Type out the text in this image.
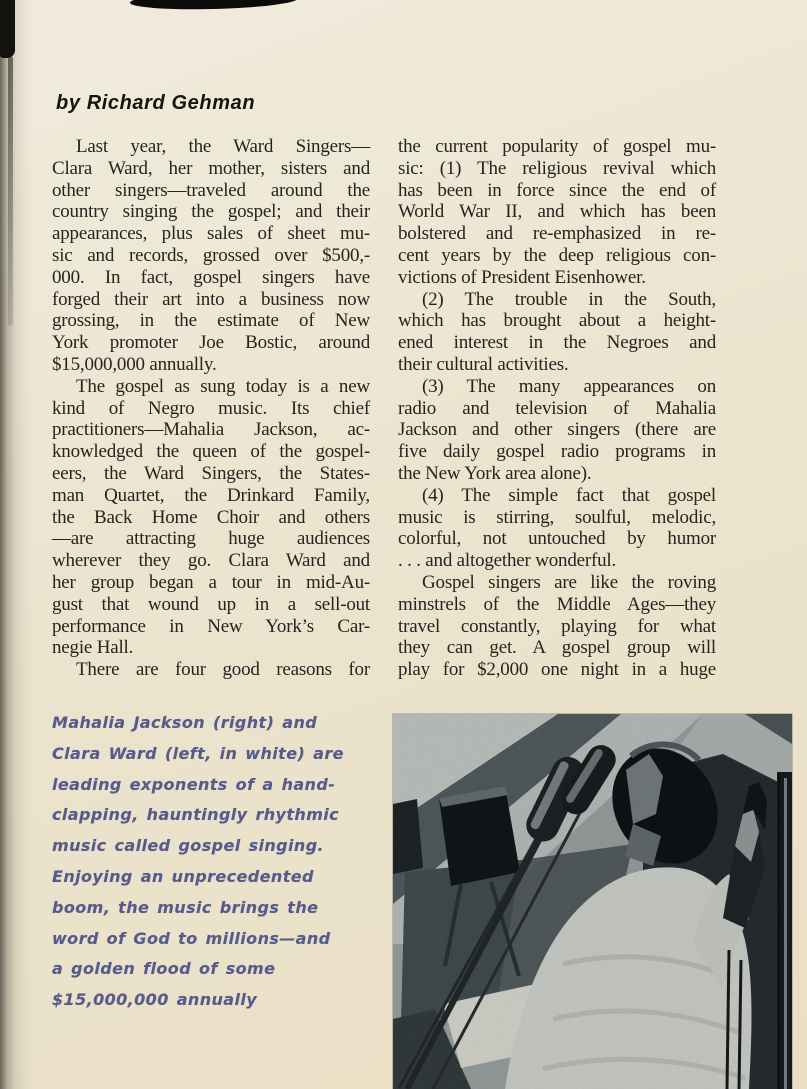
by Richard Gehman
Last year, the Ward Singers—
Clara Ward, her mother, sisters and
other singers—traveled around the
country singing the gospel; and their
appearances, plus sales of sheet mu-
sic and records, grossed over $500,-
000. In fact, gospel singers have
forged their art into a business now
grossing, in the estimate of New
York promoter Joe Bostic, around
$15,000,000 annually.
The gospel as sung today is a new
kind of Negro music. Its chief
practitioners—Mahalia Jackson, ac-
knowledged the queen of the gospel-
eers, the Ward Singers, the States-
man Quartet, the Drinkard Family,
the Back Home Choir and others
—are attracting huge audiences
wherever they go. Clara Ward and
her group began a tour in mid-Au-
gust that wound up in a sell-out
performance in New York’s Car-
negie Hall.
There are four good reasons for
the current popularity of gospel mu-
sic: (1) The religious revival which
has been in force since the end of
World War II, and which has been
bolstered and re-emphasized in re-
cent years by the deep religious con-
victions of President Eisenhower.
(2) The trouble in the South,
which has brought about a height-
ened interest in the Negroes and
their cultural activities.
(3) The many appearances on
radio and television of Mahalia
Jackson and other singers (there are
five daily gospel radio programs in
the New York area alone).
(4) The simple fact that gospel
music is stirring, soulful, melodic,
colorful, not untouched by humor
. . . and altogether wonderful.
Gospel singers are like the roving
minstrels of the Middle Ages—they
travel constantly, playing for what
they can get. A gospel group will
play for $2,000 one night in a huge
Mahalia Jackson (right) and
Clara Ward (left, in white) are
leading exponents of a hand-
clapping, hauntingly rhythmic
music called gospel singing.
Enjoying an unprecedented
boom, the music brings the
word of God to millions—and
a golden flood of some
$15,000,000 annually
